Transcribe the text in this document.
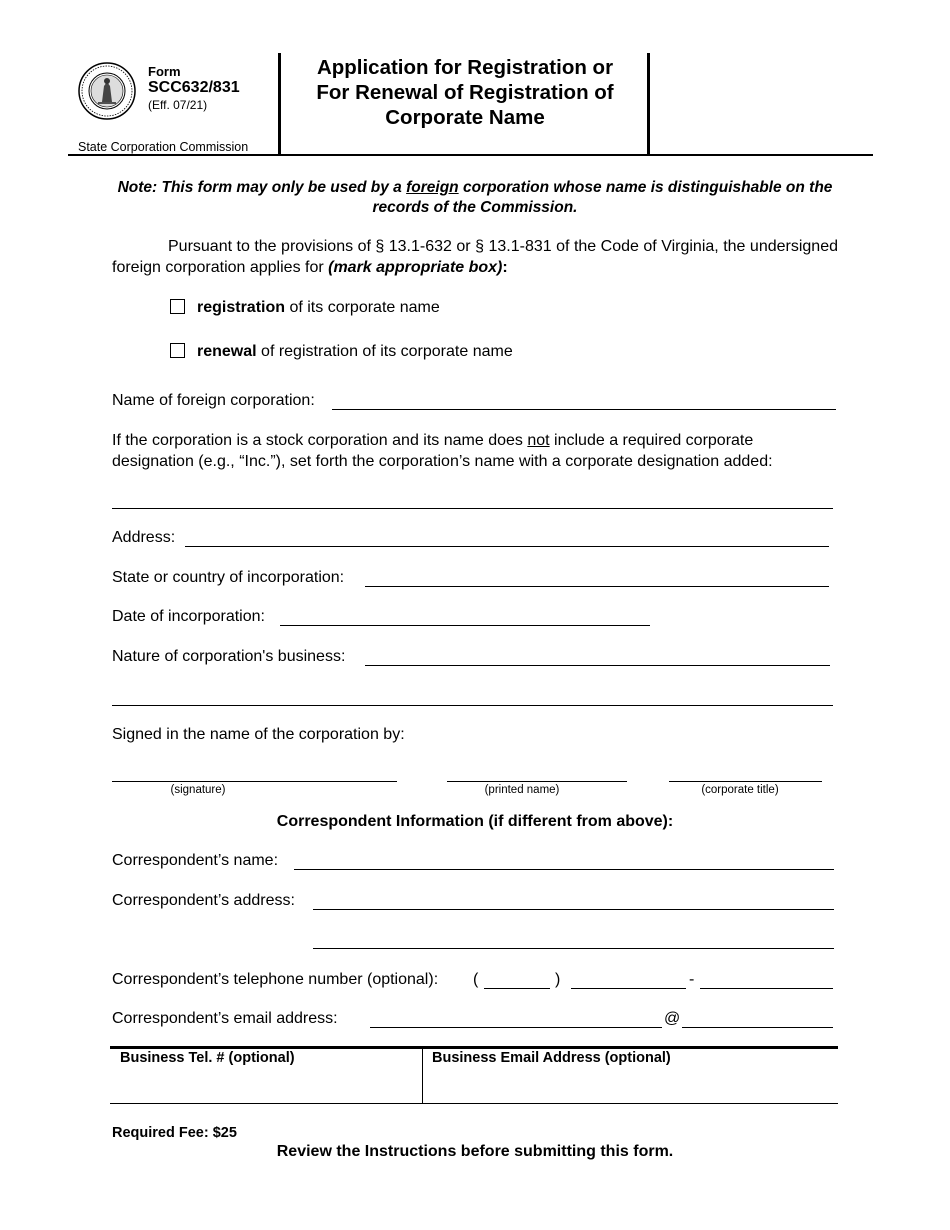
Form
SCC632/831
(Eff. 07/21)
State Corporation Commission
Application for Registration or
For Renewal of Registration of
Corporate Name
Note: This form may only be used by a foreign corporation whose name is distinguishable on the records of the Commission.
Pursuant to the provisions of § 13.1-632 or § 13.1-831 of the Code of Virginia, the undersigned foreign corporation applies for (mark appropriate box):
registration of its corporate name
renewal of registration of its corporate name
Name of foreign corporation:
If the corporation is a stock corporation and its name does not include a required corporate designation (e.g., “Inc.”), set forth the corporation’s name with a corporate designation added:
Address:
State or country of incorporation:
Date of incorporation:
Nature of corporation's business:
Signed in the name of the corporation by:
(signature)	(printed name)	(corporate title)
Correspondent Information (if different from above):
Correspondent’s name:
Correspondent’s address:
Correspondent’s telephone number (optional): (	)	-
Correspondent’s email address:	@
Business Tel. # (optional)	Business Email Address (optional)
Required Fee: $25
Review the Instructions before submitting this form.
